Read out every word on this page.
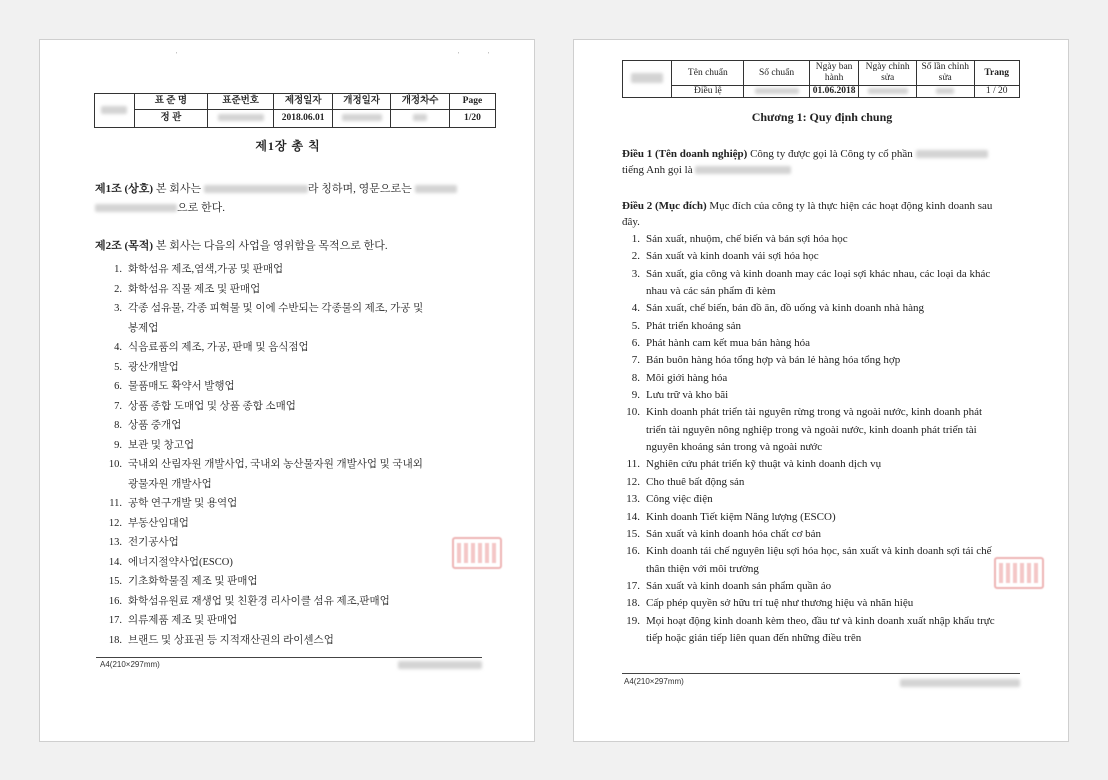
'	'	'
	표 준 명	표준번호	제정일자	개정일자	개정차수	Page
	정 관		2018.06.01			1/20
제1장 총 칙
제1조 (상호) 본 회사는	라 칭하며, 영문으로는
으로 한다.
제2조 (목적) 본 회사는 다음의 사업을 영위함을 목적으로 한다.
1. 화학섬유 제조,염색,가공 및 판매업
2. 화학섬유 직물 제조 및 판매업
3. 각종 섬유물, 각종 피혁물 및 이에 수반되는 각종물의 제조, 가공 및
봉제업
4. 식음료품의 제조, 가공, 판매 및 음식점업
5. 광산개발업
6. 물품매도 확약서 발행업
7. 상품 종합 도매업 및 상품 종합 소매업
8. 상품 중개업
9. 보관 및 창고업
10. 국내외 산림자원 개발사업, 국내외 농산물자원 개발사업 및 국내외
광물자원 개발사업
11. 공학 연구개발 및 용역업
12. 부동산임대업
13. 전기공사업
14. 에너지절약사업(ESCO)
15. 기초화학물질 제조 및 판매업
16. 화학섬유원료 재생업 및 친환경 리사이클 섬유 제조,판매업
17. 의류제품 제조 및 판매업
18. 브랜드 및 상표권 등 지적재산권의 라이센스업
A4(210×297mm)
	Tên chuẩn	Số chuẩn	Ngày ban hành	Ngày chỉnh sửa	Số lần chỉnh sửa	Trang
	Điều lệ		01.06.2018			1 / 20
Chương 1: Quy định chung
Điều 1 (Tên doanh nghiệp) Công ty được gọi là Công ty cổ phần
tiếng Anh gọi là
Điều 2 (Mục đích) Mục đích của công ty là thực hiện các hoạt động kinh doanh sau
đây.
1. Sản xuất, nhuộm, chế biến và bán sợi hóa học
2. Sản xuất và kinh doanh vải sợi hóa học
3. Sản xuất, gia công và kinh doanh may các loại sợi khác nhau, các loại da khác
nhau và các sản phẩm đi kèm
4. Sản xuất, chế biến, bán đồ ăn, đồ uống và kinh doanh nhà hàng
5. Phát triển khoáng sản
6. Phát hành cam kết mua bán hàng hóa
7. Bán buôn hàng hóa tổng hợp và bán lẻ hàng hóa tổng hợp
8. Môi giới hàng hóa
9. Lưu trữ và kho bãi
10. Kinh doanh phát triển tài nguyên rừng trong và ngoài nước, kinh doanh phát
triển tài nguyên nông nghiệp trong và ngoài nước, kinh doanh phát triển tài
nguyên khoáng sản trong và ngoài nước
11. Nghiên cứu phát triển kỹ thuật và kinh doanh dịch vụ
12. Cho thuê bất động sản
13. Công việc điện
14. Kinh doanh Tiết kiệm Năng lượng (ESCO)
15. Sản xuất và kinh doanh hóa chất cơ bản
16. Kinh doanh tái chế nguyên liệu sợi hóa học, sản xuất và kinh doanh sợi tái chế
thân thiện với môi trường
17. Sản xuất và kinh doanh sản phẩm quần áo
18. Cấp phép quyền sở hữu trí tuệ như thương hiệu và nhãn hiệu
19. Mọi hoạt động kinh doanh kèm theo, đầu tư và kinh doanh xuất nhập khẩu trực
tiếp hoặc gián tiếp liên quan đến những điều trên
A4(210×297mm)
